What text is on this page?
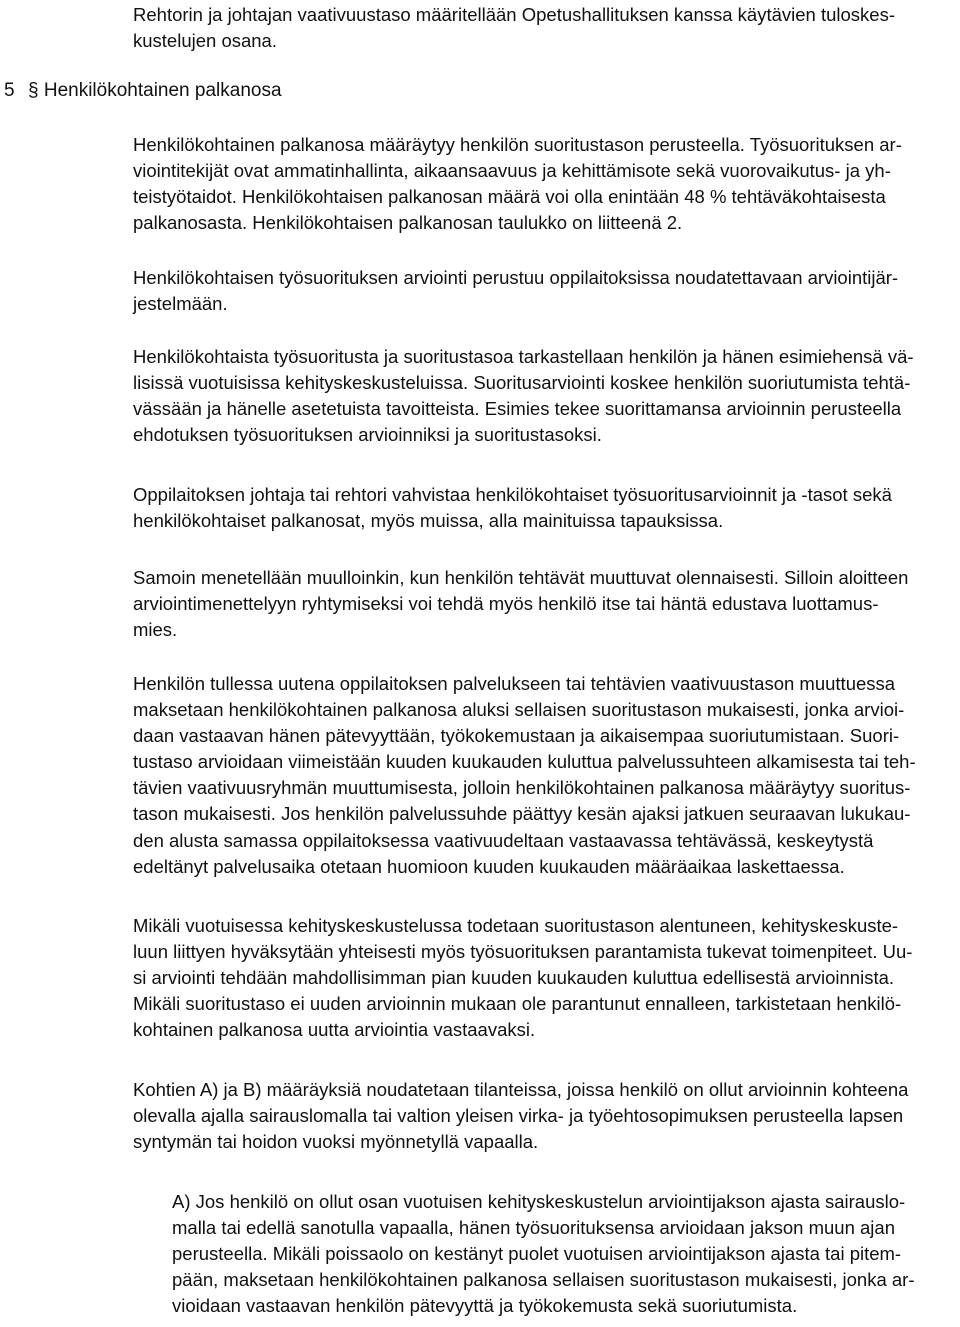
Rehtorin ja johtajan vaativuustaso määritellään Opetushallituksen kanssa käytävien tuloskes-
kustelujen osana.

5 § Henkilökohtainen palkanosa

Henkilökohtainen palkanosa määräytyy henkilön suoritustason perusteella. Työsuorituksen ar-
viointitekijät ovat ammatinhallinta, aikaansaavuus ja kehittämisote sekä vuorovaikutus- ja yh-
teistyötaidot. Henkilökohtaisen palkanosan määrä voi olla enintään 48 % tehtäväkohtaisesta
palkanosasta. Henkilökohtaisen palkanosan taulukko on liitteenä 2.

Henkilökohtaisen työsuorituksen arviointi perustuu oppilaitoksissa noudatettavaan arviointijär-
jestelmään.

Henkilökohtaista työsuoritusta ja suoritustasoa tarkastellaan henkilön ja hänen esimiehensä vä-
lisissä vuotuisissa kehityskeskusteluissa. Suoritusarviointi koskee henkilön suoriutumista tehtä-
vässään ja hänelle asetetuista tavoitteista. Esimies tekee suorittamansa arvioinnin perusteella
ehdotuksen työsuorituksen arvioinniksi ja suoritustasoksi.

Oppilaitoksen johtaja tai rehtori vahvistaa henkilökohtaiset työsuoritusarvioinnit ja -tasot sekä
henkilökohtaiset palkanosat, myös muissa, alla mainituissa tapauksissa.

Samoin menetellään muulloinkin, kun henkilön tehtävät muuttuvat olennaisesti. Silloin aloitteen
arviointimenettelyyn ryhtymiseksi voi tehdä myös henkilö itse tai häntä edustava luottamus-
mies.

Henkilön tullessa uutena oppilaitoksen palvelukseen tai tehtävien vaativuustason muuttuessa
maksetaan henkilökohtainen palkanosa aluksi sellaisen suoritustason mukaisesti, jonka arvioi-
daan vastaavan hänen pätevyyttään, työkokemustaan ja aikaisempaa suoriutumistaan. Suori-
tustaso arvioidaan viimeistään kuuden kuukauden kuluttua palvelussuhteen alkamisesta tai teh-
tävien vaativuusryhmän muuttumisesta, jolloin henkilökohtainen palkanosa määräytyy suoritus-
tason mukaisesti. Jos henkilön palvelussuhde päättyy kesän ajaksi jatkuen seuraavan lukukau-
den alusta samassa oppilaitoksessa vaativuudeltaan vastaavassa tehtävässä, keskeytystä
edeltänyt palvelusaika otetaan huomioon kuuden kuukauden määräaikaa laskettaessa.

Mikäli vuotuisessa kehityskeskustelussa todetaan suoritustason alentuneen, kehityskeskuste-
luun liittyen hyväksytään yhteisesti myös työsuorituksen parantamista tukevat toimenpiteet. Uu-
si arviointi tehdään mahdollisimman pian kuuden kuukauden kuluttua edellisestä arvioinnista.
Mikäli suoritustaso ei uuden arvioinnin mukaan ole parantunut ennalleen, tarkistetaan henkilö-
kohtainen palkanosa uutta arviointia vastaavaksi.

Kohtien A) ja B) määräyksiä noudatetaan tilanteissa, joissa henkilö on ollut arvioinnin kohteena
olevalla ajalla sairauslomalla tai valtion yleisen virka- ja työehtosopimuksen perusteella lapsen
syntymän tai hoidon vuoksi myönnetyllä vapaalla.

A) Jos henkilö on ollut osan vuotuisen kehityskeskustelun arviointijakson ajasta sairauslo-
malla tai edellä sanotulla vapaalla, hänen työsuorituksensa arvioidaan jakson muun ajan
perusteella. Mikäli poissaolo on kestänyt puolet vuotuisen arviointijakson ajasta tai pitem-
pään, maksetaan henkilökohtainen palkanosa sellaisen suoritustason mukaisesti, jonka ar-
vioidaan vastaavan henkilön pätevyyttä ja työkokemusta sekä suoriutumista.
